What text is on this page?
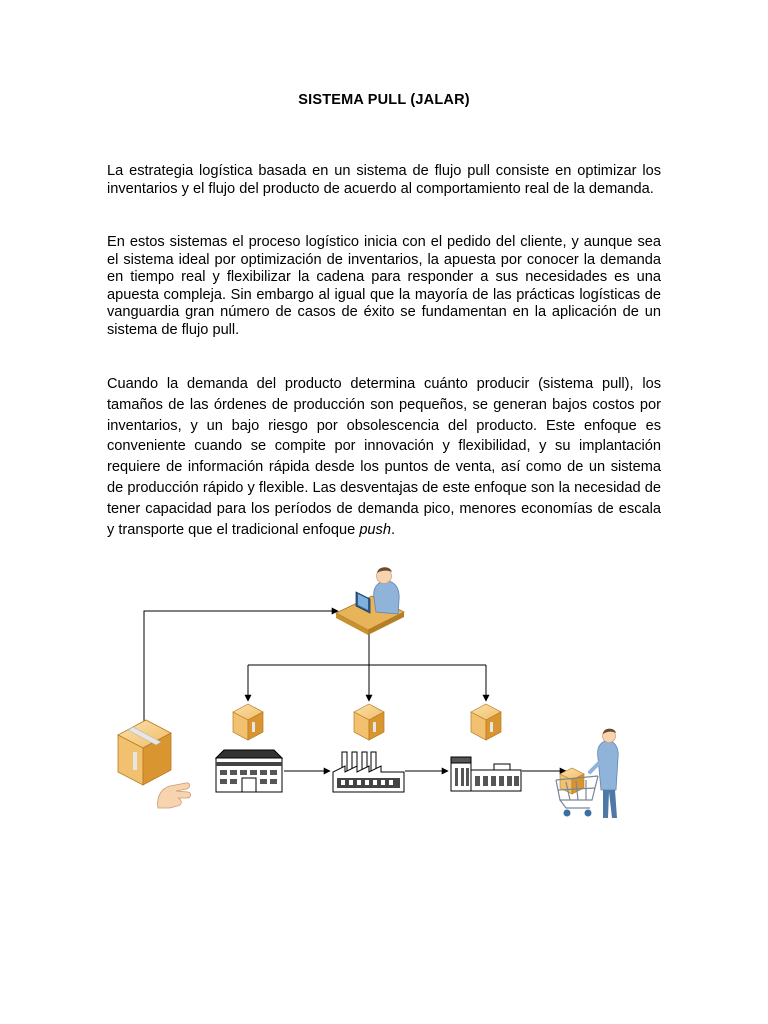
SISTEMA PULL (JALAR)

La estrategia logística basada en un sistema de flujo pull consiste en optimizar los inventarios y el flujo del producto de acuerdo al comportamiento real de la demanda.

En estos sistemas el proceso logístico inicia con el pedido del cliente, y aunque sea el sistema ideal por optimización de inventarios, la apuesta por conocer la demanda en tiempo real y flexibilizar la cadena para responder a sus necesidades es una apuesta compleja. Sin embargo al igual que la mayoría de las prácticas logísticas de vanguardia gran número de casos de éxito se fundamentan en la aplicación de un sistema de flujo pull.

Cuando la demanda del producto determina cuánto producir (sistema pull), los tamaños de las órdenes de producción son pequeños, se generan bajos costos por inventarios, y un bajo riesgo por obsolescencia del producto. Este enfoque es conveniente cuando se compite por innovación y flexibilidad, y su implantación requiere de información rápida desde los puntos de venta, así como de un sistema de producción rápido y flexible. Las desventajas de este enfoque son la necesidad de tener capacidad para los períodos de demanda pico, menores economías de escala y transporte que el tradicional enfoque push.
